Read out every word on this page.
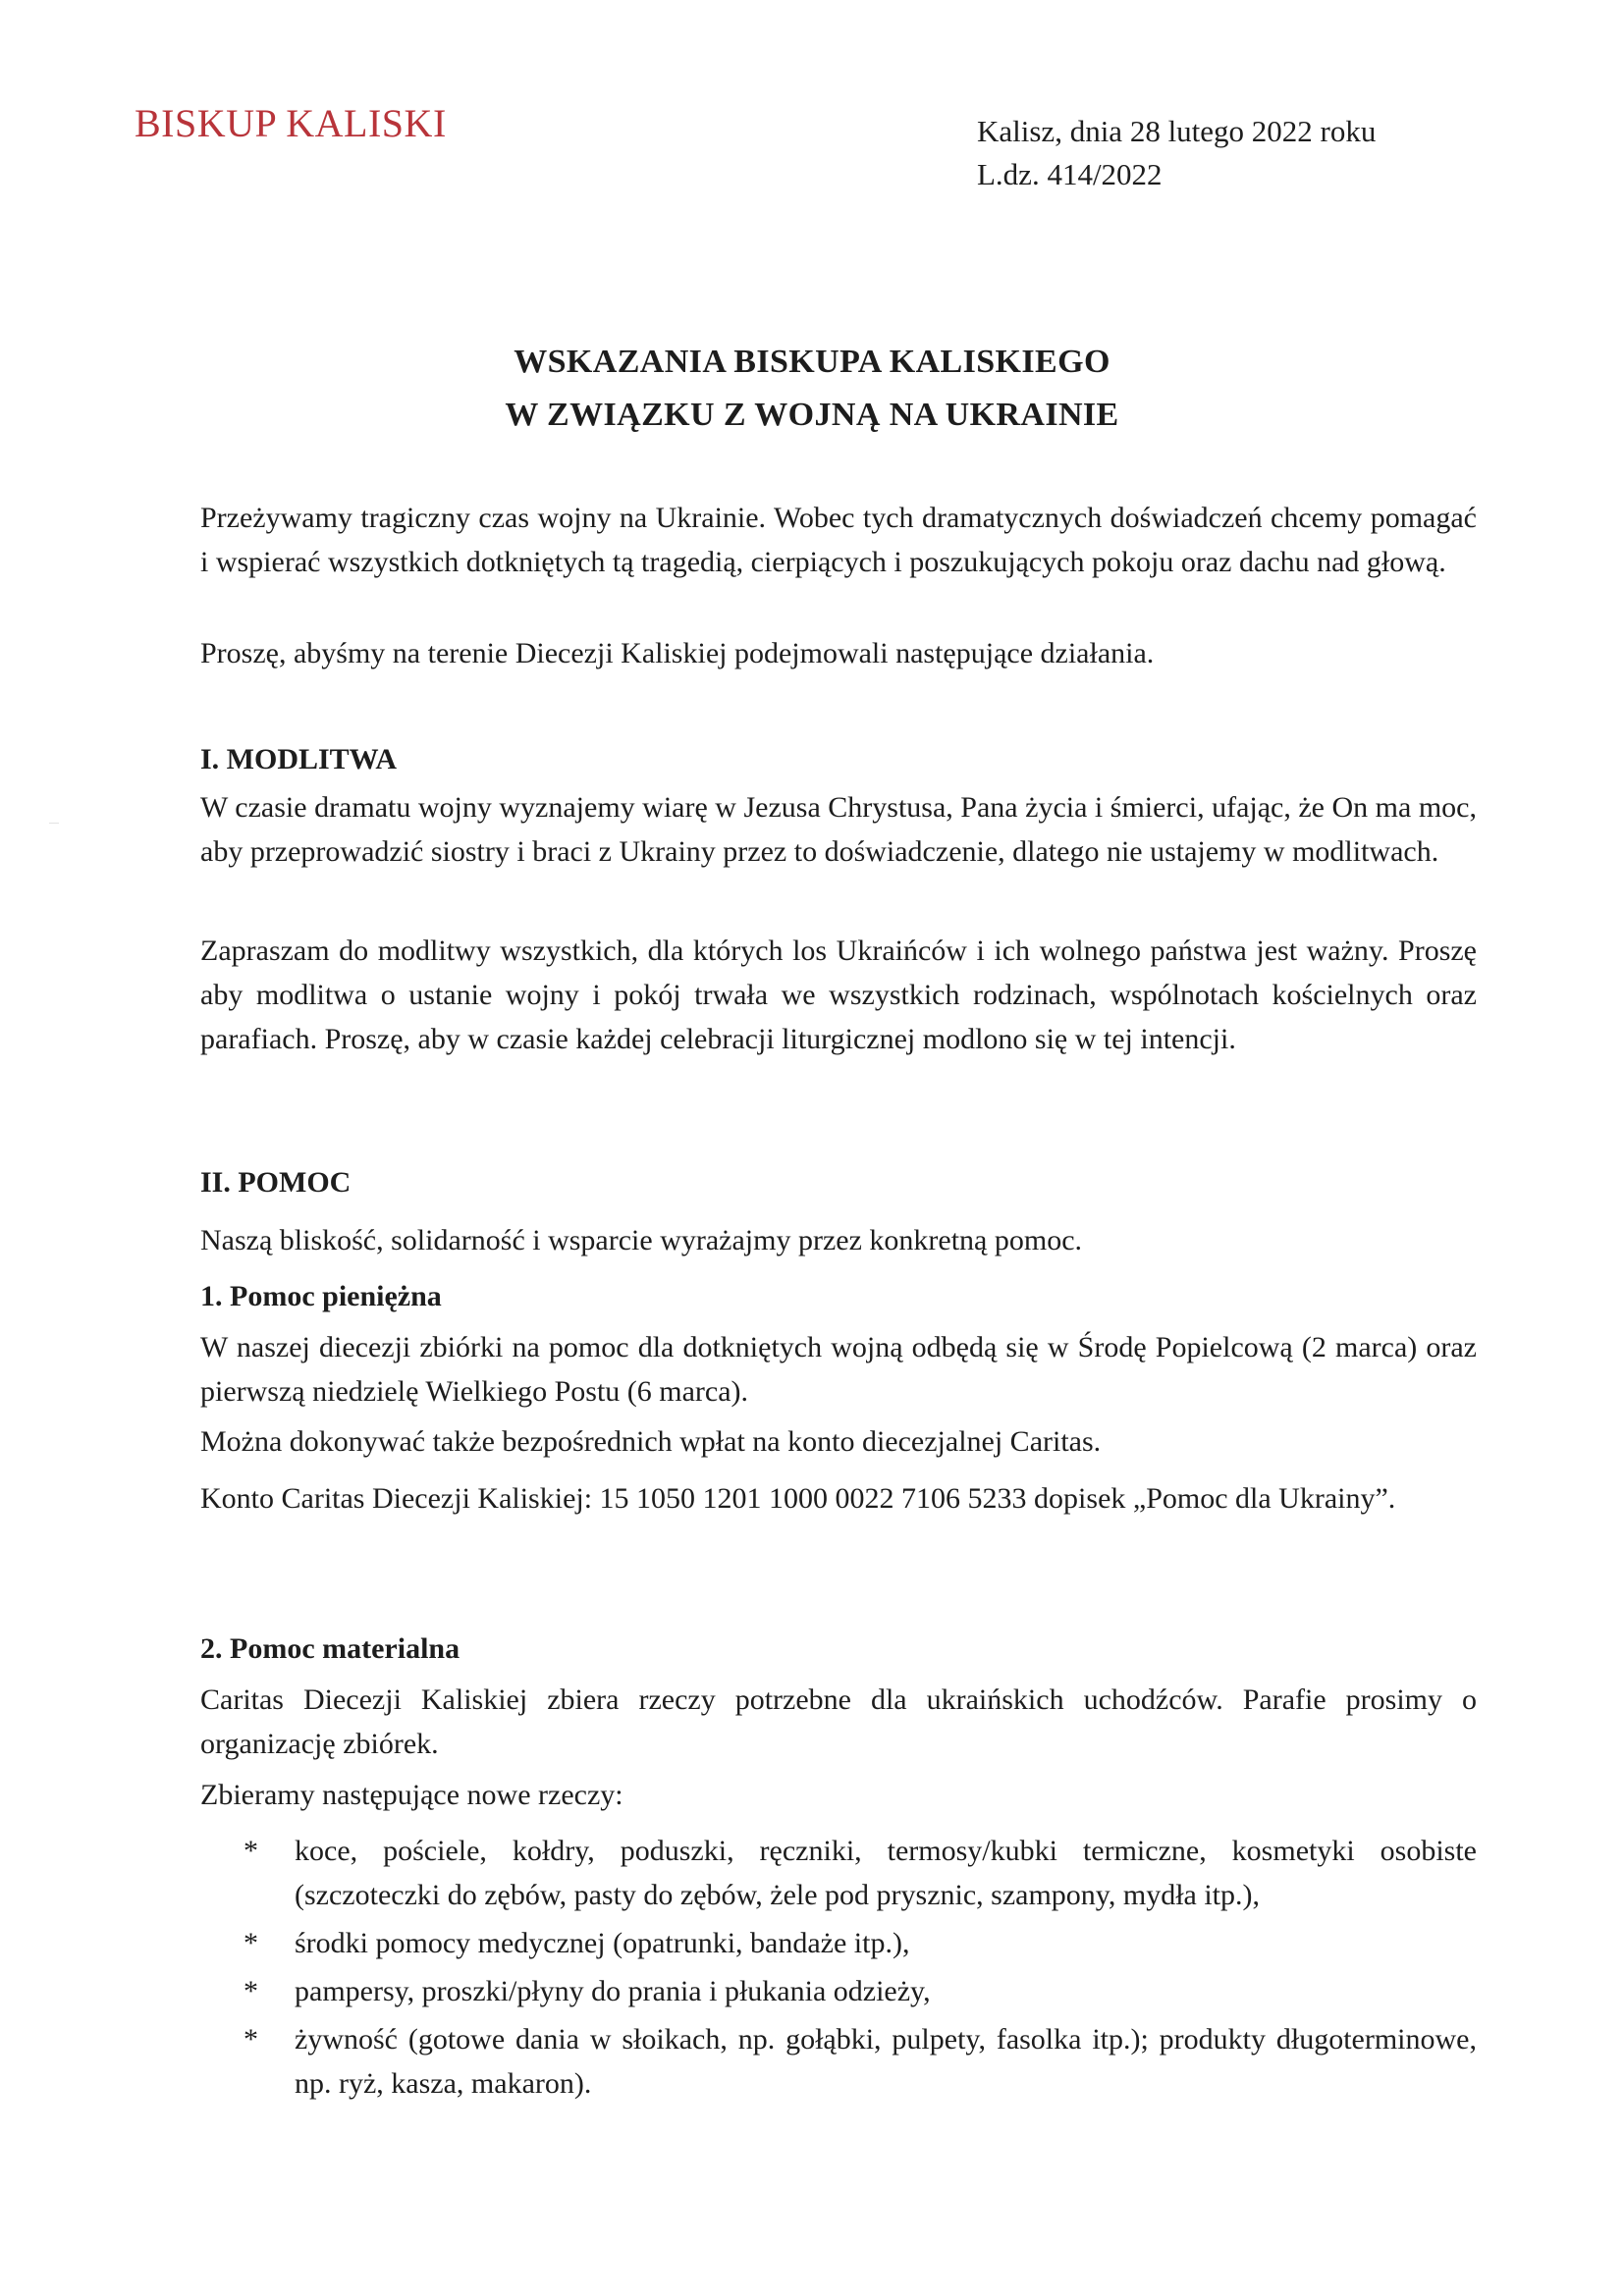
BISKUP KALISKI	Kalisz, dnia 28 lutego 2022 roku
L.dz. 414/2022
WSKAZANIA BISKUPA KALISKIEGO
W ZWIĄZKU Z WOJNĄ NA UKRAINIE

Przeżywamy tragiczny czas wojny na Ukrainie. Wobec tych dramatycznych doświadczeń chcemy pomagać i wspierać wszystkich dotkniętych tą tragedią, cierpiących i poszukujących pokoju oraz dachu nad głową.

Proszę, abyśmy na terenie Diecezji Kaliskiej podejmowali następujące działania.

I. MODLITWA

W czasie dramatu wojny wyznajemy wiarę w Jezusa Chrystusa, Pana życia i śmierci, ufając, że On ma moc, aby przeprowadzić siostry i braci z Ukrainy przez to doświadczenie, dlatego nie ustajemy w modlitwach.

Zapraszam do modlitwy wszystkich, dla których los Ukraińców i ich wolnego państwa jest ważny. Proszę aby modlitwa o ustanie wojny i pokój trwała we wszystkich rodzinach, wspólnotach kościelnych oraz parafiach. Proszę, aby w czasie każdej celebracji liturgicznej modlono się w tej intencji.

II. POMOC

Naszą bliskość, solidarność i wsparcie wyrażajmy przez konkretną pomoc.

1. Pomoc pieniężna

W naszej diecezji zbiórki na pomoc dla dotkniętych wojną odbędą się w Środę Popielcową (2 marca) oraz pierwszą niedzielę Wielkiego Postu (6 marca).

Można dokonywać także bezpośrednich wpłat na konto diecezjalnej Caritas.

Konto Caritas Diecezji Kaliskiej: 15 1050 1201 1000 0022 7106 5233 dopisek „Pomoc dla Ukrainy”.

2. Pomoc materialna

Caritas Diecezji Kaliskiej zbiera rzeczy potrzebne dla ukraińskich uchodźców. Parafie prosimy o organizację zbiórek.

Zbieramy następujące nowe rzeczy:

* koce, pościele, kołdry, poduszki, ręczniki, termosy/kubki termiczne, kosmetyki osobiste (szczoteczki do zębów, pasty do zębów, żele pod prysznic, szampony, mydła itp.),
* środki pomocy medycznej (opatrunki, bandaże itp.),
* pampersy, proszki/płyny do prania i płukania odzieży,
* żywność (gotowe dania w słoikach, np. gołąbki, pulpety, fasolka itp.); produkty długoterminowe, np. ryż, kasza, makaron).
